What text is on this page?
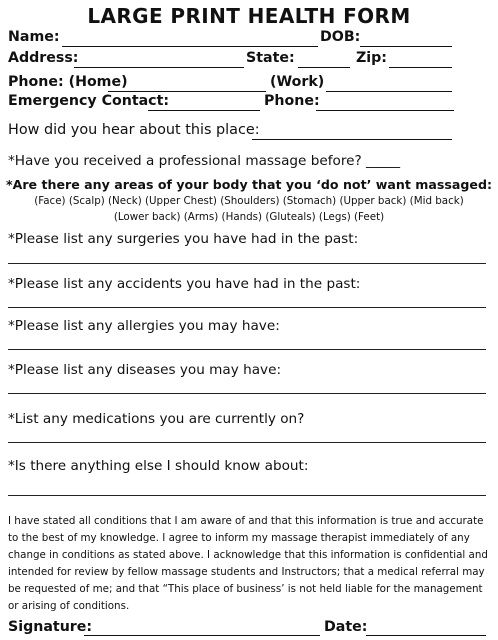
LARGE PRINT HEALTH FORM
Name:	DOB:
Address:	State:	Zip:
Phone: (Home)	(Work)
Emergency Contact:	Phone:
How did you hear about this place:
*Have you received a professional massage before? _____
*Are there any areas of your body that you ‘do not’ want massaged:
(Face) (Scalp) (Neck) (Upper Chest) (Shoulders) (Stomach) (Upper back) (Mid back)
(Lower back) (Arms) (Hands) (Gluteals) (Legs) (Feet)
*Please list any surgeries you have had in the past:
*Please list any accidents you have had in the past:
*Please list any allergies you may have:
*Please list any diseases you may have:
*List any medications you are currently on?
*Is there anything else I should know about:
I have stated all conditions that I am aware of and that this information is true and accurate to the best of my knowledge. I agree to inform my massage therapist immediately of any change in conditions as stated above. I acknowledge that this information is confidential and intended for review by fellow massage students and Instructors; that a medical referral may be requested of me; and that “This place of business’ is not held liable for the management or arising of conditions.
Signature:	Date:
